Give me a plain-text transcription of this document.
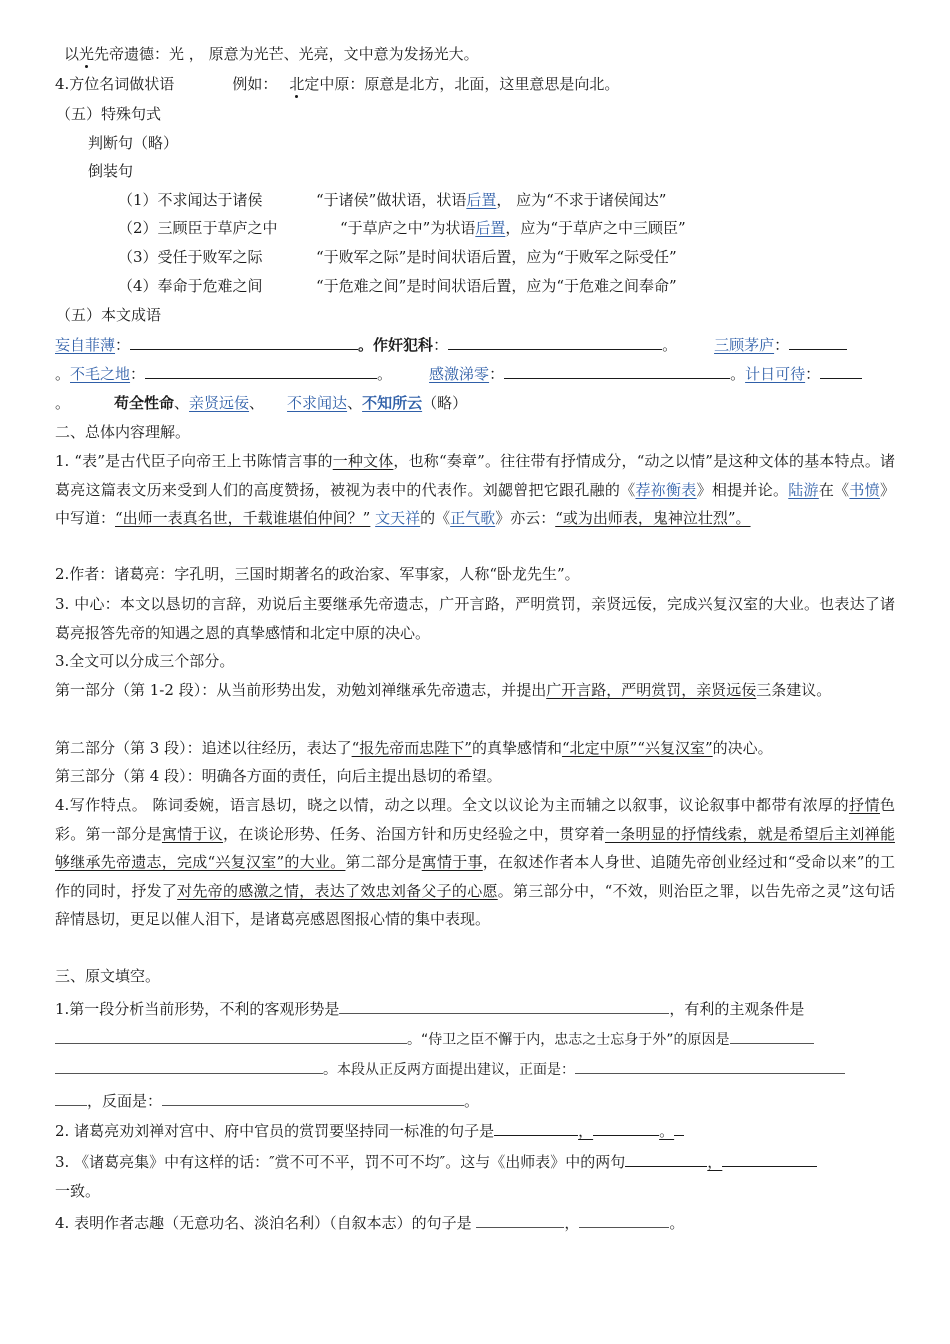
以光先帝遗德：光 ， 原意为光芒、光亮，文中意为发扬光大。
4.方位名词做状语	例如： 北定中原：原意是北方，北面，这里意思是向北。
（五）特殊句式
判断句（略）
倒装句
（1）不求闻达于诸侯	“于诸侯”做状语，状语后置， 应为“不求于诸侯闻达”
（2）三顾臣于草庐之中	“于草庐之中”为状语后置，应为“于草庐之中三顾臣”
（3）受任于败军之际	“于败军之际”是时间状语后置，应为“于败军之际受任”
（4）奉命于危难之间	“于危难之间”是时间状语后置，应为“于危难之间奉命”
（五）本文成语
妄自菲薄：	。作奸犯科：	。 三顾茅庐：
。不毛之地：	。 感激涕零：	。计日可待：
。	苟全性命、亲贤远佞、 不求闻达、不知所云（略）
二、总体内容理解。
1. “表”是古代臣子向帝王上书陈情言事的一种文体，也称“奏章”。往往带有抒情成分，“动之以情”是这种文体的基本特点。诸葛亮这篇表文历来受到人们的高度赞扬，被视为表中的代表作。刘勰曾把它跟孔融的《荐祢衡表》相提并论。陆游在《书愤》中写道：“出师一表真名世，千载谁堪伯仲间？” 文天祥的《正气歌》亦云：“或为出师表，鬼神泣壮烈”。
2.作者：诸葛亮：字孔明，三国时期著名的政治家、军事家，人称“卧龙先生”。
3. 中心：本文以恳切的言辞，劝说后主要继承先帝遗志，广开言路，严明赏罚，亲贤远佞，完成兴复汉室的大业。也表达了诸葛亮报答先帝的知遇之恩的真挚感情和北定中原的决心。
3.全文可以分成三个部分。
第一部分（第 1-2 段）：从当前形势出发，劝勉刘禅继承先帝遗志，并提出广开言路，严明赏罚，亲贤远佞三条建议。
第二部分（第 3 段）：追述以往经历，表达了“报先帝而忠陛下”的真挚感情和“北定中原”“兴复汉室”的决心。
第三部分（第 4 段）：明确各方面的责任，向后主提出恳切的希望。
4.写作特点。 陈词委婉，语言恳切，晓之以情，动之以理。全文以议论为主而辅之以叙事，议论叙事中都带有浓厚的抒情色彩。第一部分是寓情于议，在谈论形势、任务、治国方针和历史经验之中，贯穿着一条明显的抒情线索，就是希望后主刘禅能够继承先帝遗志，完成“兴复汉室”的大业。第二部分是寓情于事，在叙述作者本人身世、追随先帝创业经过和“受命以来”的工作的同时，抒发了对先帝的感激之情，表达了效忠刘备父子的心愿。第三部分中，“不效，则治臣之罪，以告先帝之灵”这句话辞情恳切，更足以催人泪下，是诸葛亮感恩图报心情的集中表现。
三、原文填空。
1.第一段分析当前形势，不利的客观形势是	，有利的主观条件是
。“侍卫之臣不懈于内，忠志之士忘身于外”的原因是
。本段从正反两方面提出建议，正面是：
，反面是：	。
2. 诸葛亮劝刘禅对宫中、府中官员的赏罚要坚持同一标准的句子是	，	。
3. 《诸葛亮集》中有这样的话：″赏不可不平，罚不可不均″。这与《出师表》中的两句	，
一致。
4. 表明作者志趣（无意功名、淡泊名利）（自叙本志）的句子是	，	。
